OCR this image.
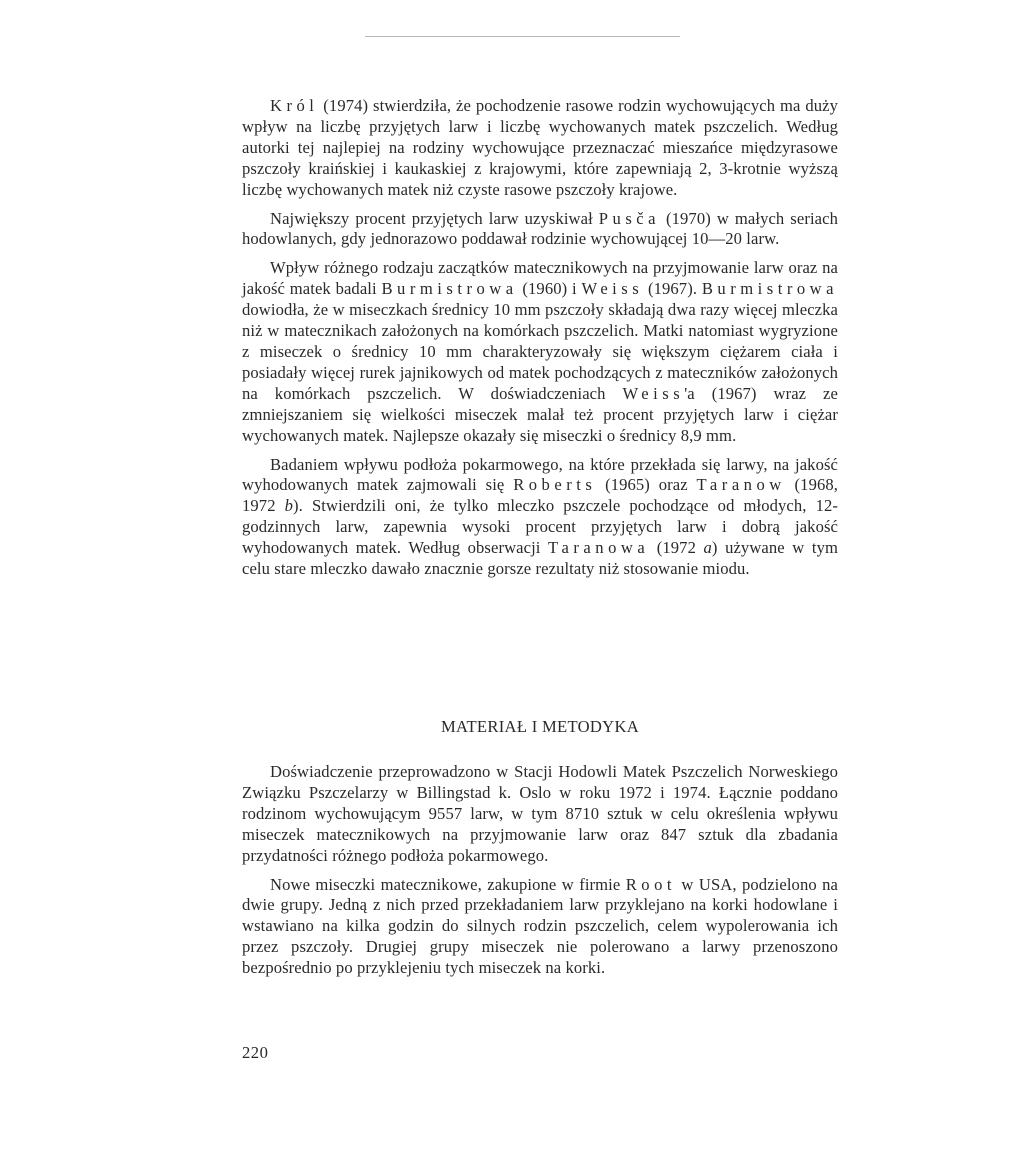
Król (1974) stwierdziła, że pochodzenie rasowe rodzin wychowujących ma duży wpływ na liczbę przyjętych larw i liczbę wychowanych matek pszczelich. Według autorki tej najlepiej na rodziny wychowujące przeznaczać mieszańce międzyrasowe pszczoły kraińskiej i kaukaskiej z krajowymi, które zapewniają 2, 3-krotnie wyższą liczbę wychowanych matek niż czyste rasowe pszczoły krajowe.

Największy procent przyjętych larw uzyskiwał Pusča (1970) w małych seriach hodowlanych, gdy jednorazowo poddawał rodzinie wychowującej 10—20 larw.

Wpływ różnego rodzaju zaczątków matecznikowych na przyjmowanie larw oraz na jakość matek badali Burmistrowa (1960) i Weiss (1967). Burmistrowa dowiodła, że w miseczkach średnicy 10 mm pszczoły składają dwa razy więcej mleczka niż w matecznikach założonych na komórkach pszczelich. Matki natomiast wygryzione z miseczek o średnicy 10 mm charakteryzowały się większym ciężarem ciała i posiadały więcej rurek jajnikowych od matek pochodzących z mateczników założonych na komórkach pszczelich. W doświadczeniach Weiss'a (1967) wraz ze zmniejszaniem się wielkości miseczek malał też procent przyjętych larw i ciężar wychowanych matek. Najlepsze okazały się miseczki o średnicy 8,9 mm.

Badaniem wpływu podłoża pokarmowego, na które przekłada się larwy, na jakość wyhodowanych matek zajmowali się Roberts (1965) oraz Taranow (1968, 1972 b). Stwierdzili oni, że tylko mleczko pszczele pochodzące od młodych, 12-godzinnych larw, zapewnia wysoki procent przyjętych larw i dobrą jakość wyhodowanych matek. Według obserwacji Taranowa (1972 a) używane w tym celu stare mleczko dawało znacznie gorsze rezultaty niż stosowanie miodu.

MATERIAŁ I METODYKA

Doświadczenie przeprowadzono w Stacji Hodowli Matek Pszczelich Norweskiego Związku Pszczelarzy w Billingstad k. Oslo w roku 1972 i 1974. Łącznie poddano rodzinom wychowującym 9557 larw, w tym 8710 sztuk w celu określenia wpływu miseczek matecznikowych na przyjmowanie larw oraz 847 sztuk dla zbadania przydatności różnego podłoża pokarmowego.

Nowe miseczki matecznikowe, zakupione w firmie Root w USA, podzielono na dwie grupy. Jedną z nich przed przekładaniem larw przyklejano na korki hodowlane i wstawiano na kilka godzin do silnych rodzin pszczelich, celem wypolerowania ich przez pszczoły. Drugiej grupy miseczek nie polerowano a larwy przenoszono bezpośrednio po przyklejeniu tych miseczek na korki.

220
